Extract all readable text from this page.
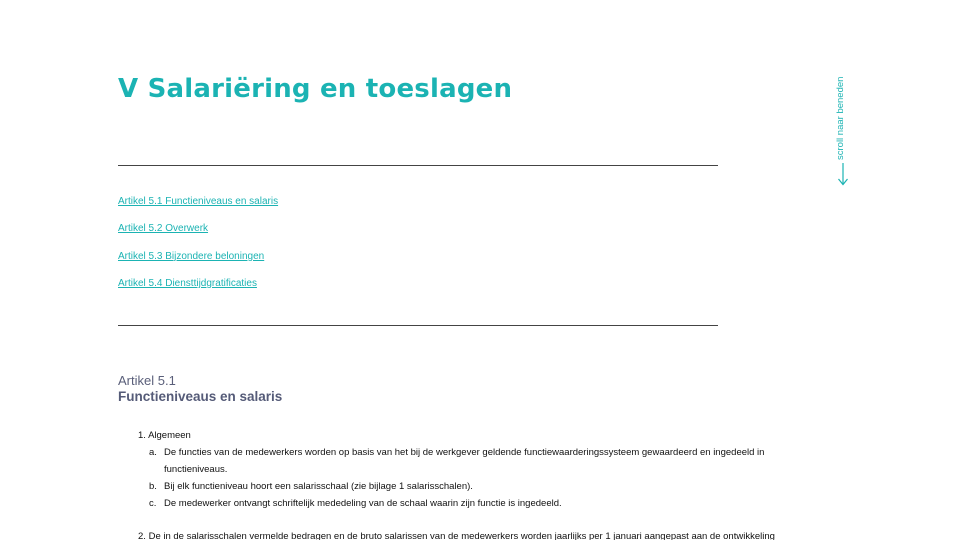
V Salariëring en toeslagen	scroll naar beneden
Artikel 5.1 Functieniveaus en salaris
Artikel 5.2 Overwerk
Artikel 5.3 Bijzondere beloningen
Artikel 5.4 Diensttijdgratificaties
Artikel 5.1
Functieniveaus en salaris
1. Algemeen
a. De functies van de medewerkers worden op basis van het bij de werkgever geldende functiewaarderingssysteem gewaardeerd en ingedeeld in functieniveaus.
b. Bij elk functieniveau hoort een salarisschaal (zie bijlage 1 salarisschalen).
c. De medewerker ontvangt schriftelijk mededeling van de schaal waarin zijn functie is ingedeeld.
2. De in de salarisschalen vermelde bedragen en de bruto salarissen van de medewerkers worden jaarlijks per 1 januari aangepast aan de ontwikkeling
